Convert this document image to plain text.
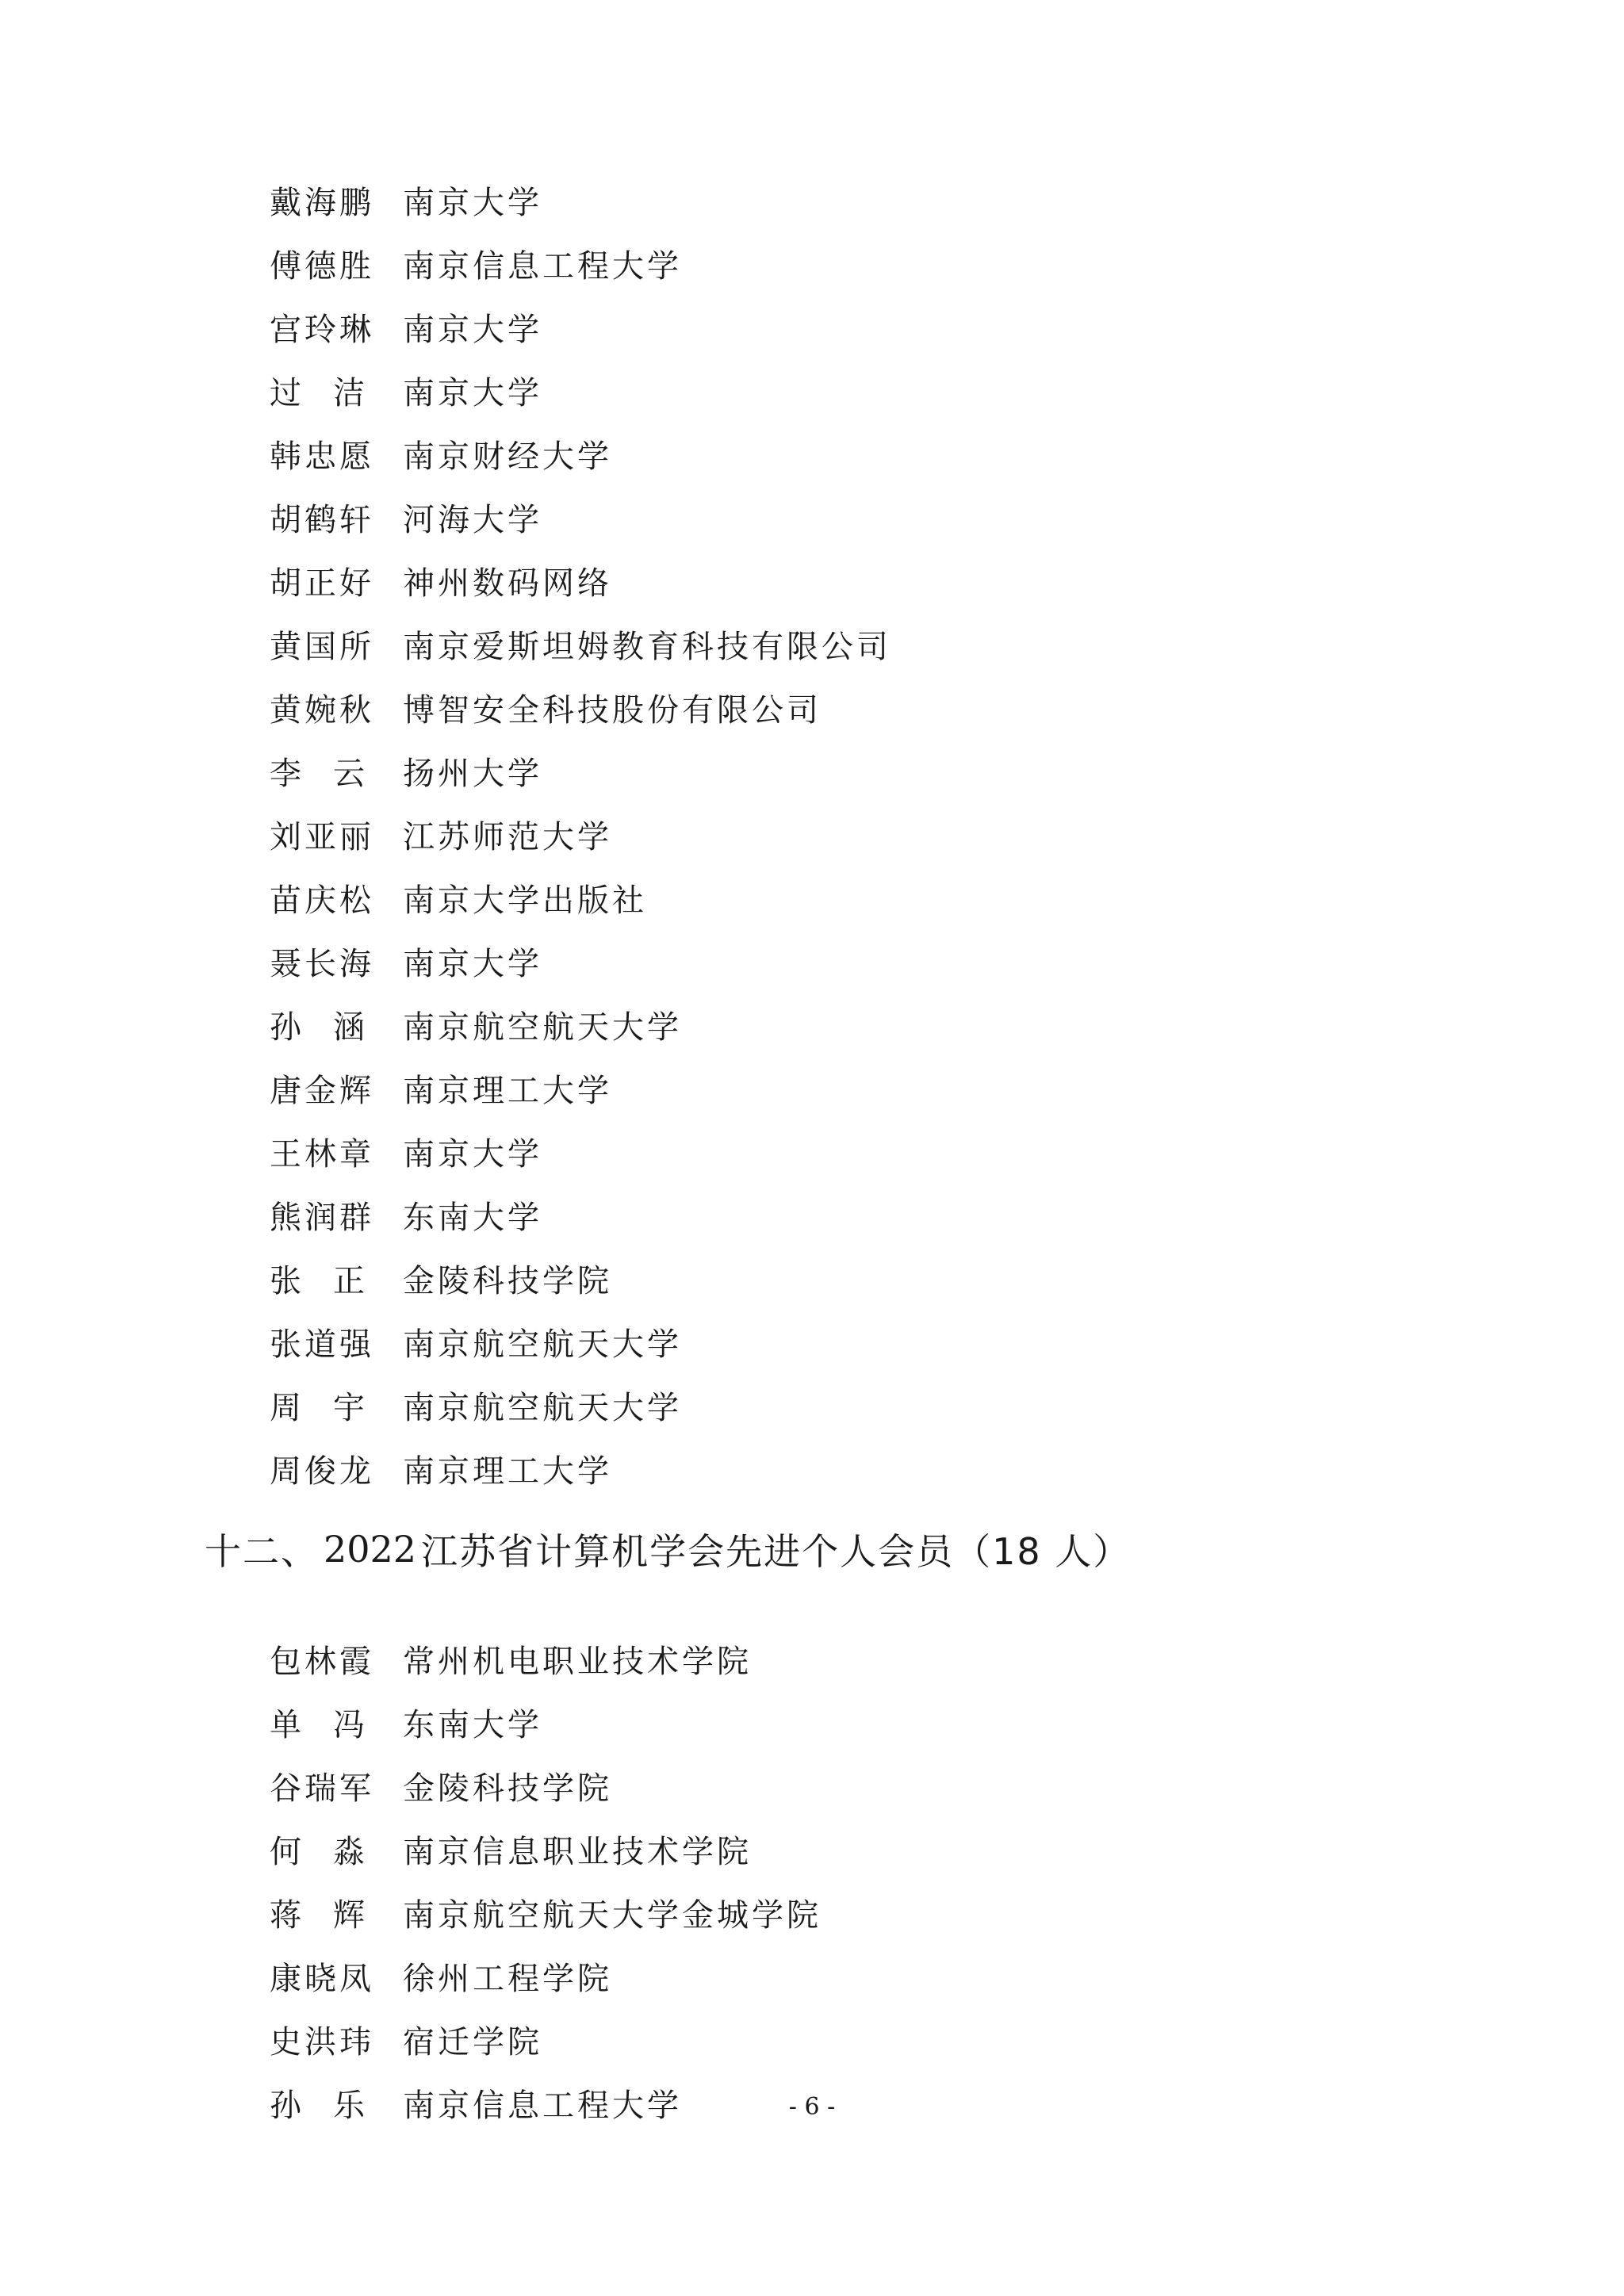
戴海鹏 南京大学
傅德胜 南京信息工程大学
宫玲琳 南京大学
过 洁 南京大学
韩忠愿 南京财经大学
胡鹤轩 河海大学
胡正好 神州数码网络
黄国所 南京爱斯坦姆教育科技有限公司
黄婉秋 博智安全科技股份有限公司
李 云 扬州大学
刘亚丽 江苏师范大学
苗庆松 南京大学出版社
聂长海 南京大学
孙 涵 南京航空航天大学
唐金辉 南京理工大学
王林章 南京大学
熊润群 东南大学
张 正 金陵科技学院
张道强 南京航空航天大学
周 宇 南京航空航天大学
周俊龙 南京理工大学
十二、 2022 江苏省计算机学会先进个人会员（18 人）
包林霞 常州机电职业技术学院
单 冯 东南大学
谷瑞军 金陵科技学院
何 淼 南京信息职业技术学院
蒋 辉 南京航空航天大学金城学院
康晓凤 徐州工程学院
史洪玮 宿迁学院
孙 乐 南京信息工程大学	- 6 -
